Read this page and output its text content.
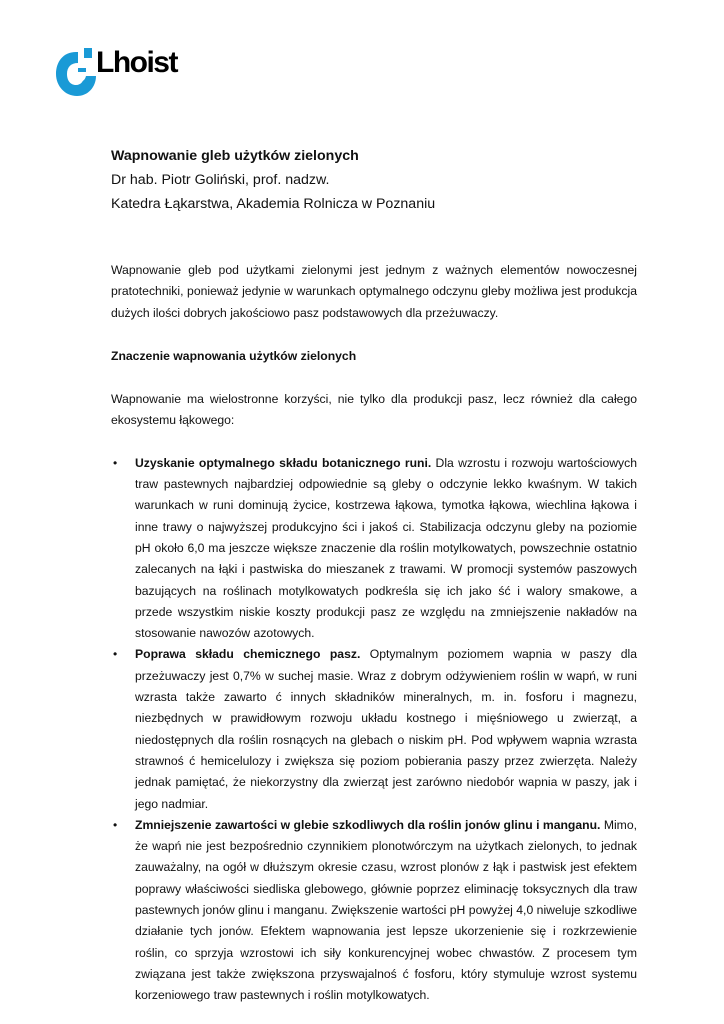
Lhoist

Wapnowanie gleb użytków zielonych

Dr hab. Piotr Goliński, prof. nadzw.

Katedra Łąkarstwa, Akademia Rolnicza w Poznaniu

Wapnowanie gleb pod użytkami zielonymi jest jednym z ważnych elementów nowoczesnej pratotechniki, ponieważ jedynie w warunkach optymalnego odczynu gleby możliwa jest produkcja dużych ilości dobrych jakościowo pasz podstawowych dla przeżuwaczy.

Znaczenie wapnowania użytków zielonych

Wapnowanie ma wielostronne korzyści, nie tylko dla produkcji pasz, lecz również dla całego ekosystemu łąkowego:

• Uzyskanie optymalnego składu botanicznego runi. Dla wzrostu i rozwoju wartościowych traw pastewnych najbardziej odpowiednie są gleby o odczynie lekko kwaśnym. W takich warunkach w runi dominują życice, kostrzewa łąkowa, tymotka łąkowa, wiechlina łąkowa i inne trawy o najwyższej produkcyjno ści i jakoś ci. Stabilizacja odczynu gleby na poziomie pH około 6,0 ma jeszcze większe znaczenie dla roślin motylkowatych, powszechnie ostatnio zalecanych na łąki i pastwiska do mieszanek z trawami. W promocji systemów paszowych bazujących na roślinach motylkowatych podkreśla się ich jako ść i walory smakowe, a przede wszystkim niskie koszty produkcji pasz ze względu na zmniejszenie nakładów na stosowanie nawozów azotowych.
• Poprawa składu chemicznego pasz. Optymalnym poziomem wapnia w paszy dla przeżuwaczy jest 0,7% w suchej masie. Wraz z dobrym odżywieniem roślin w wapń, w runi wzrasta także zawarto ć innych składników mineralnych, m. in. fosforu i magnezu, niezbędnych w prawidłowym rozwoju układu kostnego i mięśniowego u zwierząt, a niedostępnych dla roślin rosnących na glebach o niskim pH. Pod wpływem wapnia wzrasta strawnoś ć hemicelulozy i zwiększa się poziom pobierania paszy przez zwierzęta. Należy jednak pamiętać, że niekorzystny dla zwierząt jest zarówno niedobór wapnia w paszy, jak i jego nadmiar.
• Zmniejszenie zawartości w glebie szkodliwych dla roślin jonów glinu i manganu. Mimo, że wapń nie jest bezpośrednio czynnikiem plonotwórczym na użytkach zielonych, to jednak zauważalny, na ogół w dłuższym okresie czasu, wzrost plonów z łąk i pastwisk jest efektem poprawy właściwości siedliska glebowego, głównie poprzez eliminację toksycznych dla traw pastewnych jonów glinu i manganu. Zwiększenie wartości pH powyżej 4,0 niweluje szkodliwe działanie tych jonów. Efektem wapnowania jest lepsze ukorzenienie się i rozkrzewienie roślin, co sprzyja wzrostowi ich siły konkurencyjnej wobec chwastów. Z procesem tym związana jest także zwiększona przyswajalnoś ć fosforu, który stymuluje wzrost systemu korzeniowego traw pastewnych i roślin motylkowatych.
